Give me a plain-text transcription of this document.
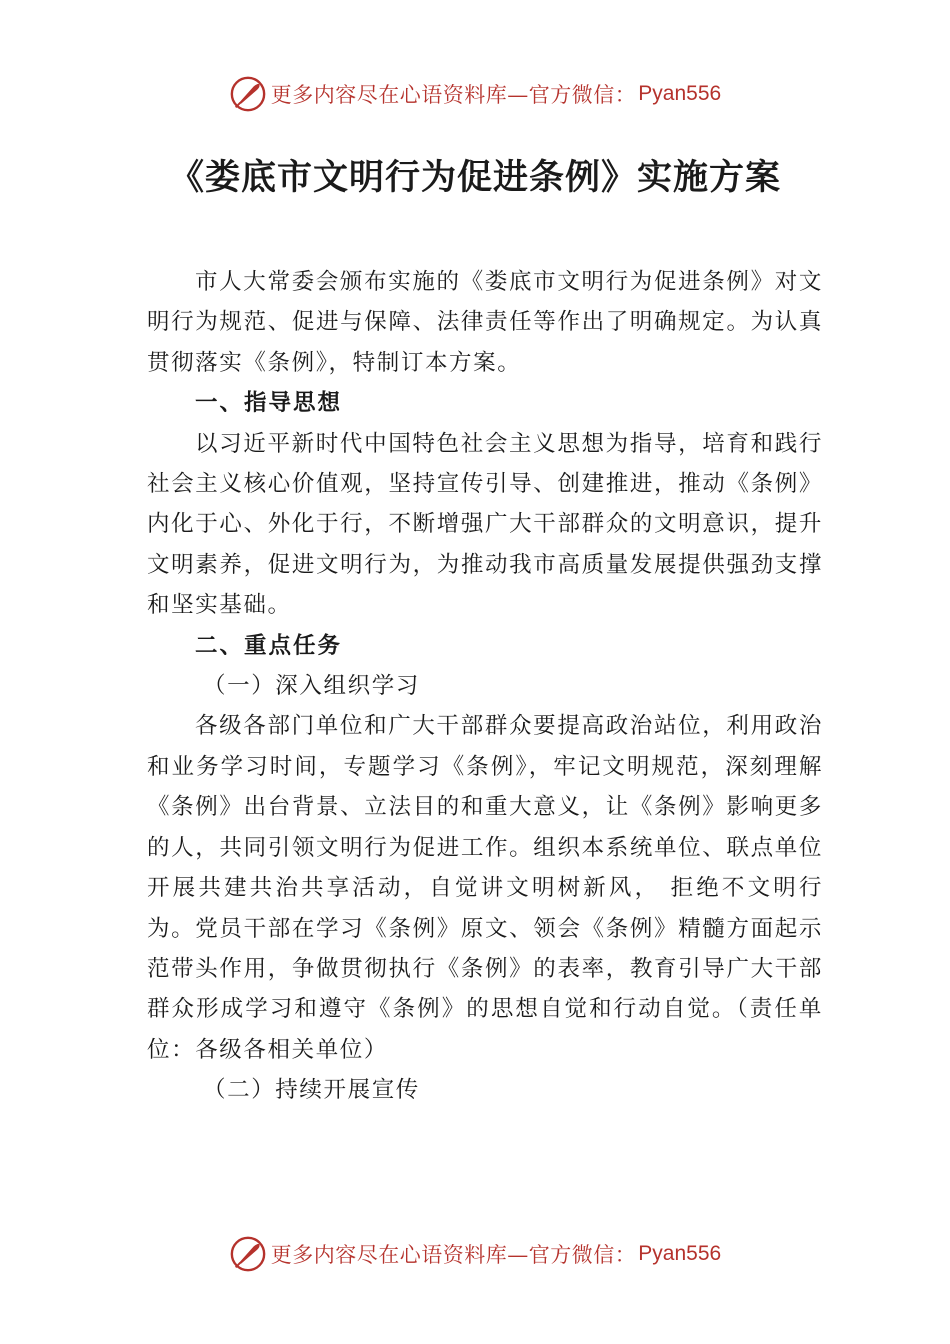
更多内容尽在心语资料库—官方微信： Pyan556
《娄底市文明行为促进条例》实施方案

市人大常委会颁布实施的《娄底市文明行为促进条例》对文明行为规范、促进与保障、法律责任等作出了明确规定。为认真贯彻落实《条例》，特制订本方案。

一、指导思想

以习近平新时代中国特色社会主义思想为指导，培育和践行社会主义核心价值观，坚持宣传引导、创建推进，推动《条例》内化于心、外化于行，不断增强广大干部群众的文明意识，提升文明素养，促进文明行为，为推动我市高质量发展提供强劲支撑和坚实基础。

二、重点任务

（一）深入组织学习

各级各部门单位和广大干部群众要提高政治站位，利用政治和业务学习时间，专题学习《条例》，牢记文明规范，深刻理解《条例》出台背景、立法目的和重大意义，让《条例》影响更多的人，共同引领文明行为促进工作。组织本系统单位、联点单位开展共建共治共享活动，自觉讲文明树新风， 拒绝不文明行为。党员干部在学习《条例》原文、领会《条例》精髓方面起示范带头作用，争做贯彻执行《条例》的表率，教育引导广大干部群众形成学习和遵守《条例》的思想自觉和行动自觉。（责任单位：各级各相关单位）

（二）持续开展宣传

更多内容尽在心语资料库—官方微信： Pyan556
